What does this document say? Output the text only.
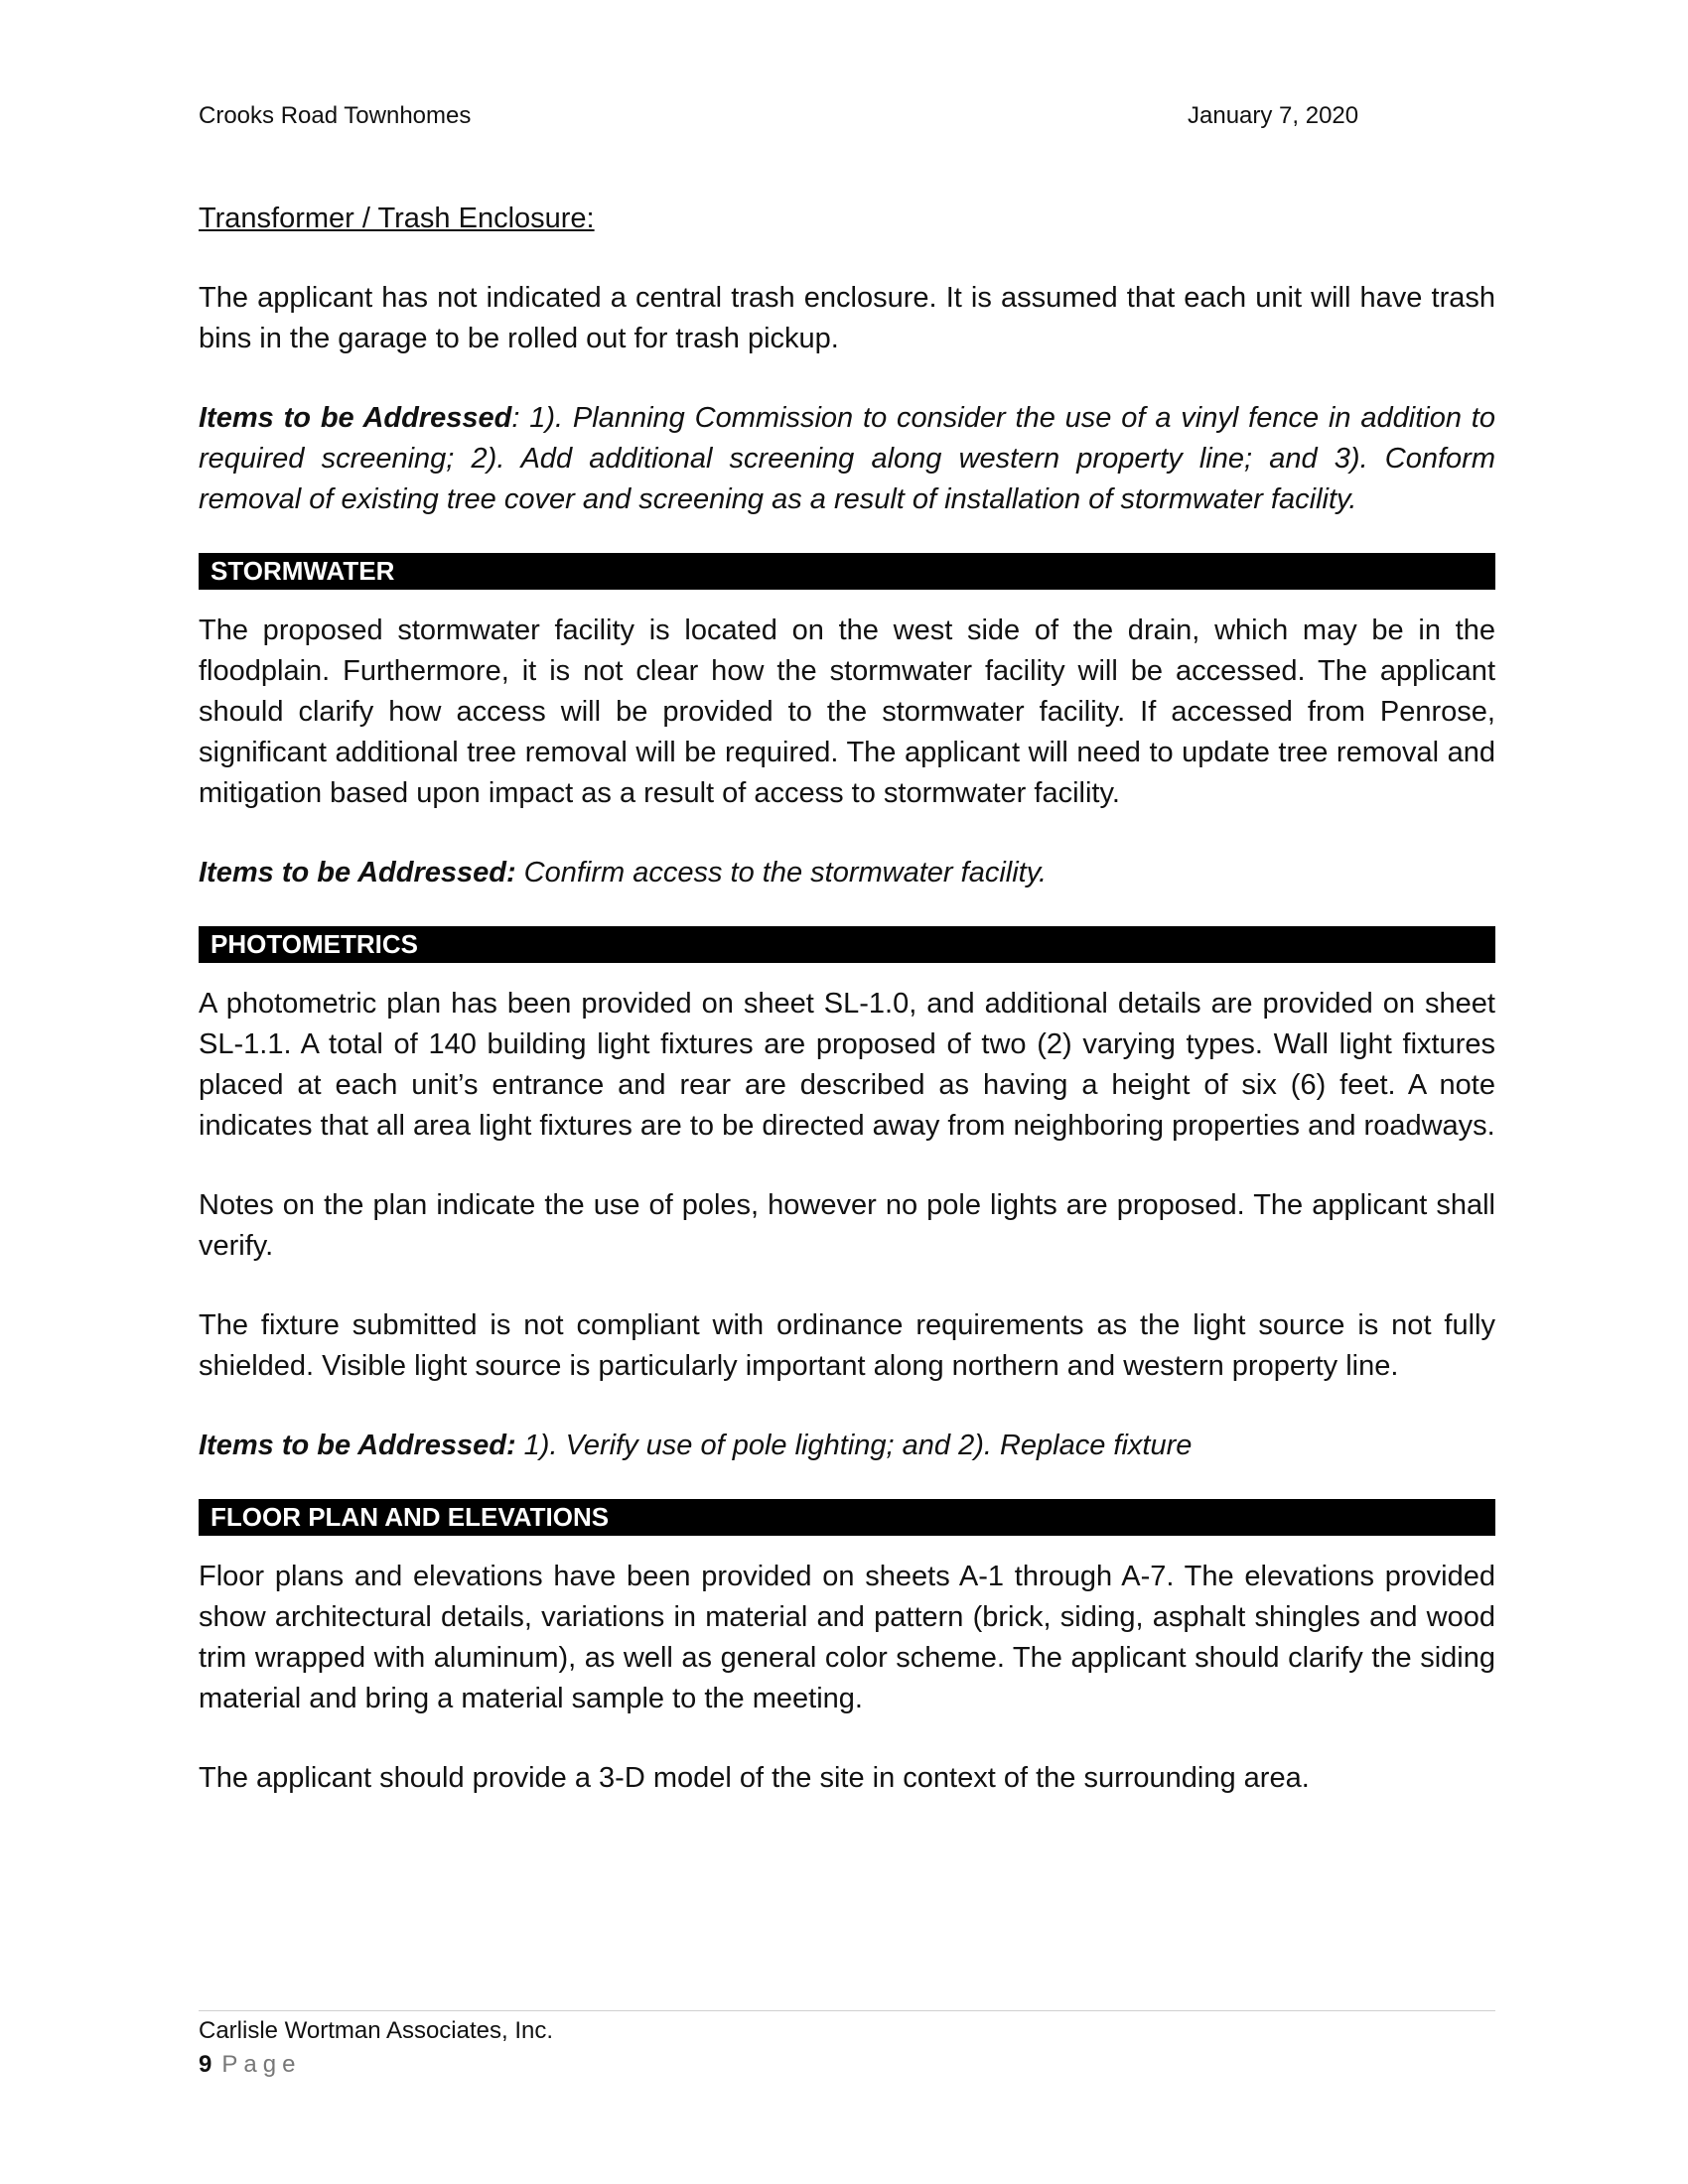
Crooks Road Townhomes	January 7, 2020

Transformer / Trash Enclosure:

The applicant has not indicated a central trash enclosure. It is assumed that each unit will have trash bins in the garage to be rolled out for trash pickup.

Items to be Addressed: 1). Planning Commission to consider the use of a vinyl fence in addition to required screening; 2). Add additional screening along western property line; and 3). Conform removal of existing tree cover and screening as a result of installation of stormwater facility.

STORMWATER

The proposed stormwater facility is located on the west side of the drain, which may be in the floodplain. Furthermore, it is not clear how the stormwater facility will be accessed. The applicant should clarify how access will be provided to the stormwater facility. If accessed from Penrose, significant additional tree removal will be required. The applicant will need to update tree removal and mitigation based upon impact as a result of access to stormwater facility.

Items to be Addressed: Confirm access to the stormwater facility.

PHOTOMETRICS

A photometric plan has been provided on sheet SL-1.0, and additional details are provided on sheet SL-1.1. A total of 140 building light fixtures are proposed of two (2) varying types. Wall light fixtures placed at each unit’s entrance and rear are described as having a height of six (6) feet. A note indicates that all area light fixtures are to be directed away from neighboring properties and roadways.

Notes on the plan indicate the use of poles, however no pole lights are proposed. The applicant shall verify.

The fixture submitted is not compliant with ordinance requirements as the light source is not fully shielded. Visible light source is particularly important along northern and western property line.

Items to be Addressed: 1). Verify use of pole lighting; and 2). Replace fixture

FLOOR PLAN AND ELEVATIONS

Floor plans and elevations have been provided on sheets A-1 through A-7. The elevations provided show architectural details, variations in material and pattern (brick, siding, asphalt shingles and wood trim wrapped with aluminum), as well as general color scheme. The applicant should clarify the siding material and bring a material sample to the meeting.

The applicant should provide a 3-D model of the site in context of the surrounding area.

Carlisle Wortman Associates, Inc.
9 Page
